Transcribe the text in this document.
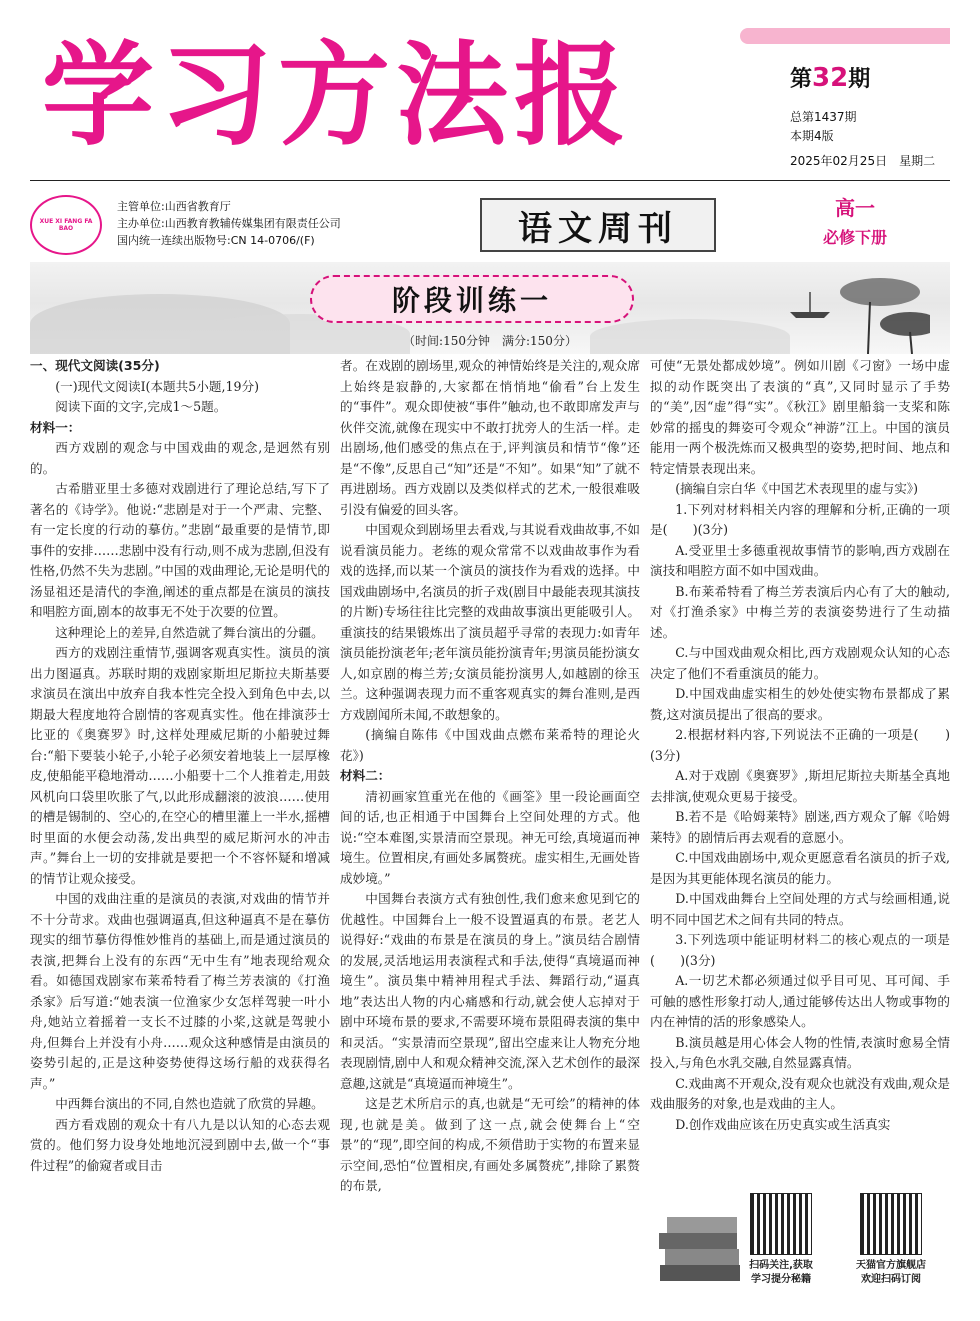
学习方法报	第32期
总第1437期
本期4版
2025年02月25日　星期二
XUE XI FANG FA BAO
主管单位:山西省教育厅
主办单位:山西教育教辅传媒集团有限责任公司
国内统一连续出版物号:CN 14-0706/(F)	语文周刊
高一
必修下册
阶段训练一
（时间:150分钟　满分:150分）

一、现代文阅读(35分)

(一)现代文阅读Ⅰ(本题共5小题,19分)

阅读下面的文字,完成1～5题。

材料一：

西方戏剧的观念与中国戏曲的观念,是迥然有别的。

古希腊亚里士多德对戏剧进行了理论总结,写下了著名的《诗学》。他说:“悲剧是对于一个严肃、完整、有一定长度的行动的摹仿。”悲剧“最重要的是情节,即事件的安排……悲剧中没有行动,则不成为悲剧,但没有性格,仍然不失为悲剧。”中国的戏曲理论,无论是明代的汤显祖还是清代的李渔,阐述的重点都是在演员的演技和唱腔方面,剧本的故事无不处于次要的位置。

这种理论上的差异,自然造就了舞台演出的分疆。

西方的戏剧注重情节,强调客观真实性。演员的演出力图逼真。苏联时期的戏剧家斯坦尼斯拉夫斯基要求演员在演出中放弃自我本性完全投入到角色中去,以期最大程度地符合剧情的客观真实性。他在排演莎士比亚的《奥赛罗》时,这样处理威尼斯的小船驶过舞台:“船下要装小轮子,小轮子必须安着地装上一层厚橡皮,使船能平稳地滑动……小船要十二个人推着走,用鼓风机向口袋里吹胀了气,以此形成翻滚的波浪……使用的槽是锡制的、空心的,在空心的槽里灌上一半水,摇槽时里面的水便会动荡,发出典型的威尼斯河水的冲击声。”舞台上一切的安排就是要把一个不容怀疑和增减的情节让观众接受。

中国的戏曲注重的是演员的表演,对戏曲的情节并不十分苛求。戏曲也强调逼真,但这种逼真不是在摹仿现实的细节摹仿得惟妙惟肖的基础上,而是通过演员的表演,把舞台上没有的东西“无中生有”地表现给观众看。如德国戏剧家布莱希特看了梅兰芳表演的《打渔杀家》后写道:“她表演一位渔家少女怎样驾驶一叶小舟,她站立着摇着一支长不过膝的小桨,这就是驾驶小舟,但舞台上并没有小舟……观众这种感情是由演员的姿势引起的,正是这种姿势使得这场行船的戏获得名声。”

中西舞台演出的不同,自然也造就了欣赏的异趣。

西方看戏剧的观众十有八九是以认知的心态去观赏的。他们努力设身处地地沉浸到剧中去,做一个“事件过程”的偷窥者或目击

者。在戏剧的剧场里,观众的神情始终是关注的,观众席上始终是寂静的,大家都在悄悄地“偷看”台上发生的“事件”。观众即使被“事件”触动,也不敢即席发声与伙伴交流,就像在现实中不敢打扰旁人的生活一样。走出剧场,他们感受的焦点在于,评判演员和情节“像”还是“不像”,反思自己“知”还是“不知”。如果“知”了就不再进剧场。西方戏剧以及类似样式的艺术,一般很难吸引没有偏爱的回头客。

中国观众到剧场里去看戏,与其说看戏曲故事,不如说看演员能力。老练的观众常常不以戏曲故事作为看戏的选择,而以某一个演员的演技作为看戏的选择。中国戏曲剧场中,名演员的折子戏(剧目中最能表现其演技的片断)专场往往比完整的戏曲故事演出更能吸引人。重演技的结果锻炼出了演员超乎寻常的表现力:如青年演员能扮演老年;老年演员能扮演青年;男演员能扮演女人,如京剧的梅兰芳;女演员能扮演男人,如越剧的徐玉兰。这种强调表现力而不重客观真实的舞台准则,是西方戏剧闻所未闻,不敢想象的。

(摘编自陈伟《中国戏曲点燃布莱希特的理论火花》)

材料二：

清初画家笪重光在他的《画筌》里一段论画面空间的话,也正相通于中国舞台上空间处理的方式。他说:“空本难图,实景清而空景现。神无可绘,真境逼而神境生。位置相戾,有画处多属赘疣。虚实相生,无画处皆成妙境。”

中国舞台表演方式有独创性,我们愈来愈见到它的优越性。中国舞台上一般不设置逼真的布景。老艺人说得好:“戏曲的布景是在演员的身上。”演员结合剧情的发展,灵活地运用表演程式和手法,使得“真境逼而神境生”。演员集中精神用程式手法、舞蹈行动,“逼真地”表达出人物的内心痛感和行动,就会使人忘掉对于剧中环境布景的要求,不需要环境布景阻碍表演的集中和灵活。“实景清而空景现”,留出空虚来让人物充分地表现剧情,剧中人和观众精神交流,深入艺术创作的最深意趣,这就是“真境逼而神境生”。

这是艺术所启示的真,也就是“无可绘”的精神的体现,也就是美。做到了这一点,就会使舞台上“空景”的“现”,即空间的构成,不须借助于实物的布置来显示空间,恐怕“位置相戾,有画处多属赘疣”,排除了累赘的布景,

可使“无景处都成妙境”。例如川剧《刁窗》一场中虚拟的动作既突出了表演的“真”,又同时显示了手势的“美”,因“虚”得“实”。《秋江》剧里船翁一支桨和陈妙常的摇曳的舞姿可令观众“神游”江上。中国的演员能用一两个极洗炼而又极典型的姿势,把时间、地点和特定情景表现出来。

(摘编自宗白华《中国艺术表现里的虚与实》)

1.下列对材料相关内容的理解和分析,正确的一项是(　　)(3分)

A.受亚里士多德重视故事情节的影响,西方戏剧在演技和唱腔方面不如中国戏曲。

B.布莱希特看了梅兰芳表演后内心有了大的触动,对《打渔杀家》中梅兰芳的表演姿势进行了生动描述。

C.与中国戏曲观众相比,西方戏剧观众认知的心态决定了他们不看重演员的能力。

D.中国戏曲虚实相生的妙处使实物布景都成了累赘,这对演员提出了很高的要求。

2.根据材料内容,下列说法不正确的一项是(　　)(3分)

A.对于戏剧《奥赛罗》,斯坦尼斯拉夫斯基全真地去排演,使观众更易于接受。

B.若不是《哈姆莱特》剧迷,西方观众了解《哈姆莱特》的剧情后再去观看的意愿小。

C.中国戏曲剧场中,观众更愿意看名演员的折子戏,是因为其更能体现名演员的能力。

D.中国戏曲舞台上空间处理的方式与绘画相通,说明不同中国艺术之间有共同的特点。

3.下列选项中能证明材料二的核心观点的一项是(　　)(3分)

A.一切艺术都必须通过似乎目可见、耳可闻、手可触的感性形象打动人,通过能够传达出人物或事物的内在神情的活的形象感染人。

B.演员越是用心体会人物的性情,表演时愈易全情投入,与角色水乳交融,自然显露真情。

C.戏曲离不开观众,没有观众也就没有戏曲,观众是戏曲服务的对象,也是戏曲的主人。

D.创作戏曲应该在历史真实或生活真实

扫码关注,获取
学习提分秘籍
天猫官方旗舰店
欢迎扫码订阅
